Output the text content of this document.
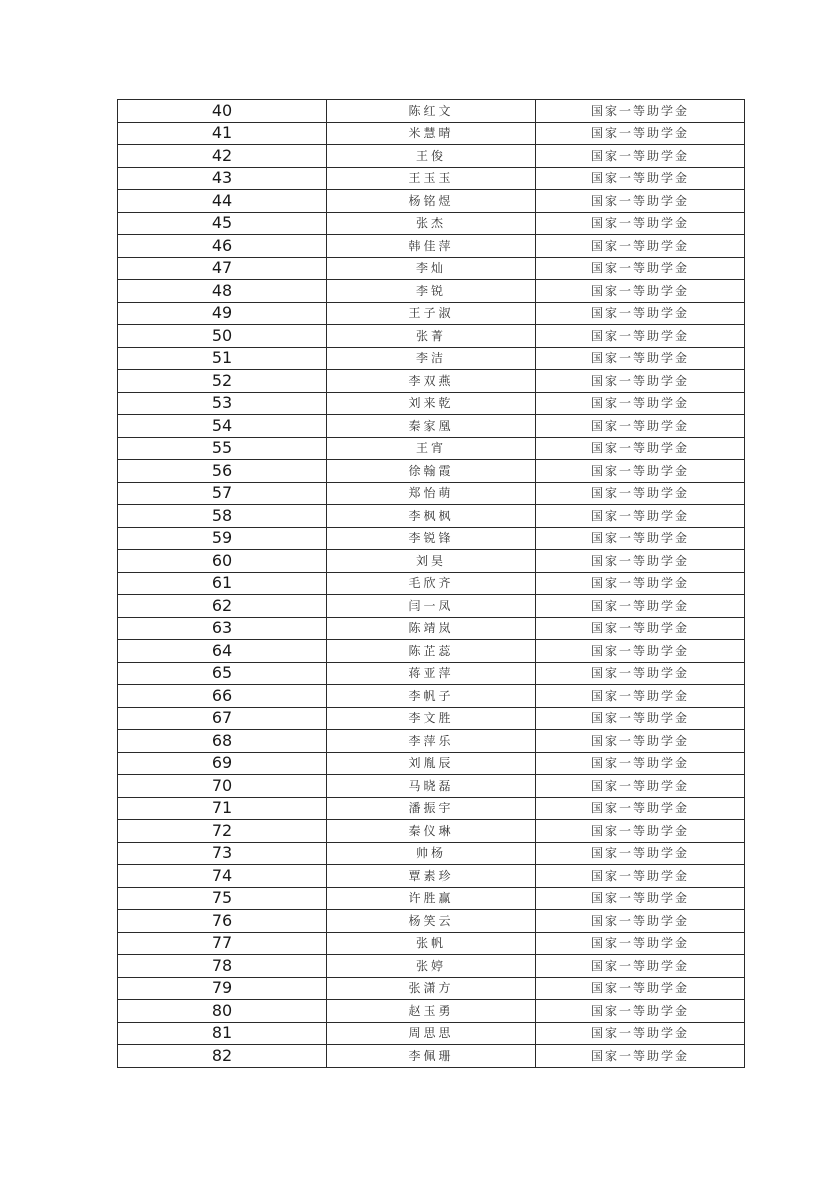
40	陈红文	国家一等助学金
41	米慧晴	国家一等助学金
42	王俊	国家一等助学金
43	王玉玉	国家一等助学金
44	杨铭煜	国家一等助学金
45	张杰	国家一等助学金
46	韩佳萍	国家一等助学金
47	李灿	国家一等助学金
48	李锐	国家一等助学金
49	王子淑	国家一等助学金
50	张菁	国家一等助学金
51	李洁	国家一等助学金
52	李双燕	国家一等助学金
53	刘来乾	国家一等助学金
54	秦家凰	国家一等助学金
55	王宵	国家一等助学金
56	徐翰霞	国家一等助学金
57	郑怡萌	国家一等助学金
58	李枫枫	国家一等助学金
59	李锐锋	国家一等助学金
60	刘昊	国家一等助学金
61	毛欣齐	国家一等助学金
62	闫一凤	国家一等助学金
63	陈靖岚	国家一等助学金
64	陈芷蕊	国家一等助学金
65	蒋亚萍	国家一等助学金
66	李帆子	国家一等助学金
67	李文胜	国家一等助学金
68	李萍乐	国家一等助学金
69	刘胤辰	国家一等助学金
70	马晓磊	国家一等助学金
71	潘振宇	国家一等助学金
72	秦仪琳	国家一等助学金
73	帅杨	国家一等助学金
74	覃素珍	国家一等助学金
75	许胜赢	国家一等助学金
76	杨笑云	国家一等助学金
77	张帆	国家一等助学金
78	张婷	国家一等助学金
79	张潇方	国家一等助学金
80	赵玉勇	国家一等助学金
81	周思思	国家一等助学金
82	李佩珊	国家一等助学金
